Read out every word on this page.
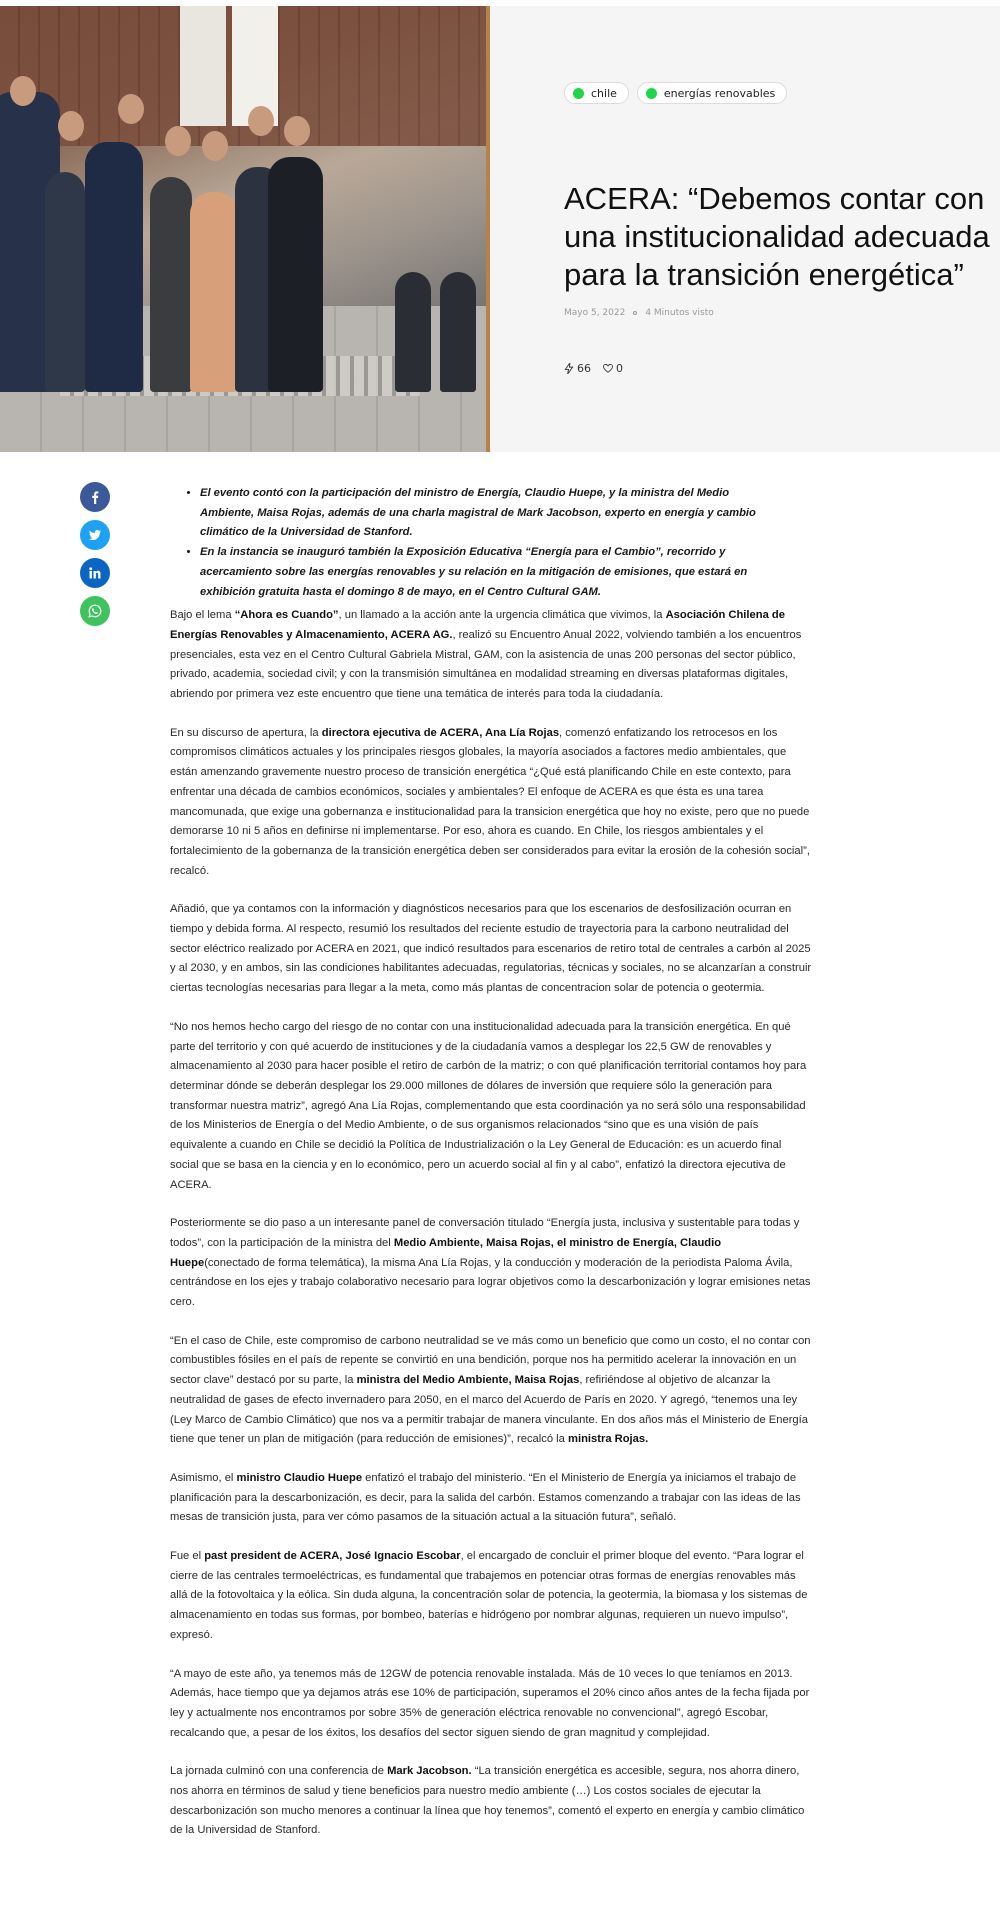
chile	energías renovables
ACERA: “Debemos contar con una institucionalidad adecuada para la transición energética”
Mayo 5, 2022 4 Minutos visto
66 0
• El evento contó con la participación del ministro de Energía, Claudio Huepe, y la ministra del Medio Ambiente, Maisa Rojas, además de una charla magistral de Mark Jacobson, experto en energía y cambio climático de la Universidad de Stanford.
• En la instancia se inauguró también la Exposición Educativa “Energía para el Cambio”, recorrido y acercamiento sobre las energías renovables y su relación en la mitigación de emisiones, que estará en exhibición gratuita hasta el domingo 8 de mayo, en el Centro Cultural GAM.

Bajo el lema “Ahora es Cuando”, un llamado a la acción ante la urgencia climática que vivimos, la Asociación Chilena de Energías Renovables y Almacenamiento, ACERA AG., realizó su Encuentro Anual 2022, volviendo también a los encuentros presenciales, esta vez en el Centro Cultural Gabriela Mistral, GAM, con la asistencia de unas 200 personas del sector público, privado, academia, sociedad civil; y con la transmisión simultánea en modalidad streaming en diversas plataformas digitales, abriendo por primera vez este encuentro que tiene una temática de interés para toda la ciudadanía.

En su discurso de apertura, la directora ejecutiva de ACERA, Ana Lía Rojas, comenzó enfatizando los retrocesos en los compromisos climáticos actuales y los principales riesgos globales, la mayoría asociados a factores medio ambientales, que están amenzando gravemente nuestro proceso de transición energética “¿Qué está planificando Chile en este contexto, para enfrentar una década de cambios económicos, sociales y ambientales? El enfoque de ACERA es que ésta es una tarea mancomunada, que exige una gobernanza e institucionalidad para la transicion energética que hoy no existe, pero que no puede demorarse 10 ni 5 años en definirse ni implementarse. Por eso, ahora es cuando. En Chile, los riesgos ambientales y el fortalecimiento de la gobernanza de la transición energética deben ser considerados para evitar la erosión de la cohesión social”, recalcó.

Añadió, que ya contamos con la información y diagnósticos necesarios para que los escenarios de desfosilización ocurran en tiempo y debida forma. Al respecto, resumió los resultados del reciente estudio de trayectoria para la carbono neutralidad del sector eléctrico realizado por ACERA en 2021, que indicó resultados para escenarios de retiro total de centrales a carbón al 2025 y al 2030, y en ambos, sin las condiciones habilitantes adecuadas, regulatorias, técnicas y sociales, no se alcanzarían a construir ciertas tecnologías necesarias para llegar a la meta, como más plantas de concentracion solar de potencia o geotermia.

“No nos hemos hecho cargo del riesgo de no contar con una institucionalidad adecuada para la transición energética. En qué parte del territorio y con qué acuerdo de instituciones y de la ciudadanía vamos a desplegar los 22,5 GW de renovables y almacenamiento al 2030 para hacer posible el retiro de carbón de la matriz; o con qué planificación territorial contamos hoy para determinar dónde se deberán desplegar los 29.000 millones de dólares de inversión que requiere sólo la generación para transformar nuestra matriz”, agregó Ana Lía Rojas, complementando que esta coordinación ya no será sólo una responsabilidad de los Ministerios de Energía o del Medio Ambiente, o de sus organismos relacionados “sino que es una visión de país equivalente a cuando en Chile se decidió la Política de Industrialización o la Ley General de Educación: es un acuerdo final social que se basa en la ciencia y en lo económico, pero un acuerdo social al fin y al cabo”, enfatizó la directora ejecutiva de ACERA.

Posteriormente se dio paso a un interesante panel de conversación titulado “Energía justa, inclusiva y sustentable para todas y todos”, con la participación de la ministra del Medio Ambiente, Maisa Rojas, el ministro de Energía, Claudio Huepe(conectado de forma telemática), la misma Ana Lía Rojas, y la conducción y moderación de la periodista Paloma Ávila, centrándose en los ejes y trabajo colaborativo necesario para lograr objetivos como la descarbonización y lograr emisiones netas cero.

“En el caso de Chile, este compromiso de carbono neutralidad se ve más como un beneficio que como un costo, el no contar con combustibles fósiles en el país de repente se convirtió en una bendición, porque nos ha permitido acelerar la innovación en un sector clave” destacó por su parte, la ministra del Medio Ambiente, Maisa Rojas, refiriéndose al objetivo de alcanzar la neutralidad de gases de efecto invernadero para 2050, en el marco del Acuerdo de París en 2020. Y agregó, “tenemos una ley (Ley Marco de Cambio Climático) que nos va a permitir trabajar de manera vinculante. En dos años más el Ministerio de Energía tiene que tener un plan de mitigación (para reducción de emisiones)”, recalcó la ministra Rojas.

Asimismo, el ministro Claudio Huepe enfatizó el trabajo del ministerio. “En el Ministerio de Energía ya iniciamos el trabajo de planificación para la descarbonización, es decir, para la salida del carbón. Estamos comenzando a trabajar con las ideas de las mesas de transición justa, para ver cómo pasamos de la situación actual a la situación futura”, señaló.

Fue el past president de ACERA, José Ignacio Escobar, el encargado de concluir el primer bloque del evento. “Para lograr el cierre de las centrales termoeléctricas, es fundamental que trabajemos en potenciar otras formas de energías renovables más allá de la fotovoltaica y la eólica. Sin duda alguna, la concentración solar de potencia, la geotermia, la biomasa y los sistemas de almacenamiento en todas sus formas, por bombeo, baterías e hidrógeno por nombrar algunas, requieren un nuevo impulso”, expresó.

“A mayo de este año, ya tenemos más de 12GW de potencia renovable instalada. Más de 10 veces lo que teníamos en 2013. Además, hace tiempo que ya dejamos atrás ese 10% de participación, superamos el 20% cinco años antes de la fecha fijada por ley y actualmente nos encontramos por sobre 35% de generación eléctrica renovable no convencional”, agregó Escobar, recalcando que, a pesar de los éxitos, los desafíos del sector siguen siendo de gran magnitud y complejidad.

La jornada culminó con una conferencia de Mark Jacobson. “La transición energética es accesible, segura, nos ahorra dinero, nos ahorra en términos de salud y tiene beneficios para nuestro medio ambiente (…) Los costos sociales de ejecutar la descarbonización son mucho menores a continuar la línea que hoy tenemos”, comentó el experto en energía y cambio climático de la Universidad de Stanford.
